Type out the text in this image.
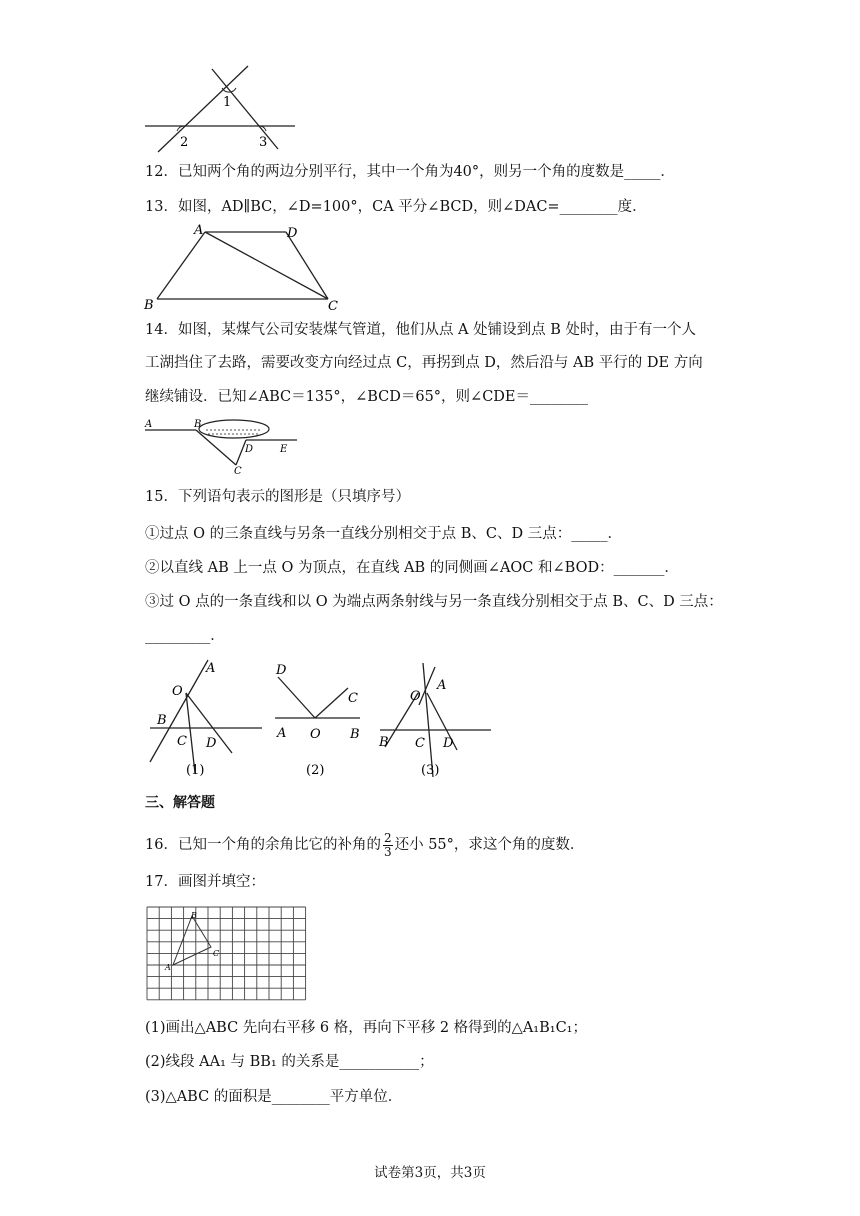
1
2	3
12．已知两个角的两边分别平行，其中一个角为40°，则另一个角的度数是_____．
13．如图，AD∥BC，∠D=100°，CA 平分∠BCD，则∠DAC=________度．
A	D
B	C
14．如图，某煤气公司安装煤气管道，他们从点 A 处铺设到点 B 处时，由于有一个人
工湖挡住了去路，需要改变方向经过点 C，再拐到点 D，然后沿与 AB 平行的 DE 方向
继续铺设．已知∠ABC＝135°，∠BCD＝65°，则∠CDE＝________
A	B
D	E
C
15．下列语句表示的图形是（只填序号）
①过点 O 的三条直线与另条一直线分别相交于点 B、C、D 三点：_____．
②以直线 AB 上一点 O 为顶点，在直线 AB 的同侧画∠AOC 和∠BOD：_______．
③过 O 点的一条直线和以 O 为端点两条射线与另一条直线分别相交于点 B、C、D 三点：
_________．
A
O
B
C D
(1)
D
C
A O B
(2)
O
A
B C D
(3)
三、解答题
16．已知一个角的余角比它的补角的 $\frac{2}{3}$ 还小 55°，求这个角的度数．
17．画图并填空：
B
C
A
(1)画出△ABC 先向右平移 6 格，再向下平移 2 格得到的△A₁B₁C₁；
(2)线段 AA₁ 与 BB₁ 的关系是___________；
(3)△ABC 的面积是________平方单位．
试卷第3页，共3页
